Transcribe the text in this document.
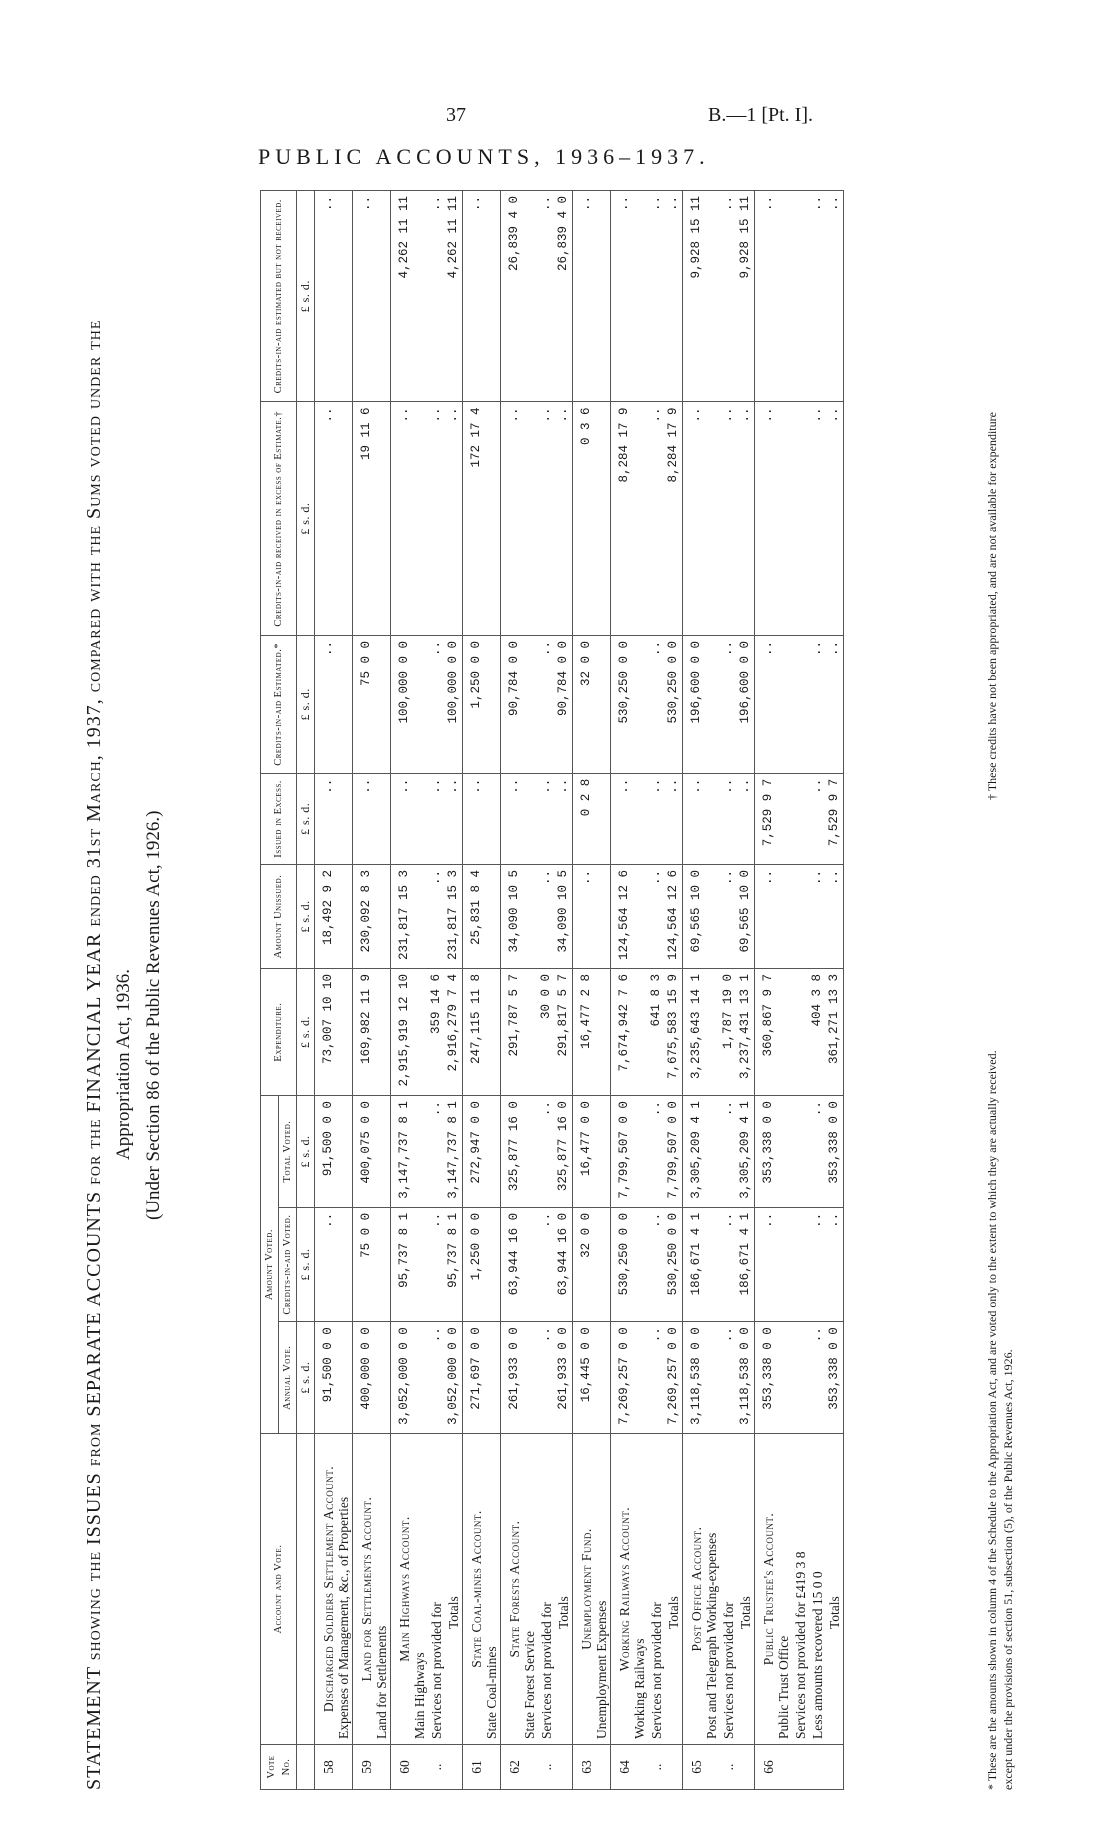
37	B.—1 [Pt. I].
PUBLIC ACCOUNTS, 1936–1937.
STATEMENT showing the ISSUES from SEPARATE ACCOUNTS for the FINANCIAL YEAR ended 31st March, 1937, compared with the Sums voted under the Appropriation Act, 1936. (Under Section 86 of the Public Revenues Act, 1926.)
Vote No.	Account and Vote.	Amount Voted.			Expenditure.	Amount Unissued.	Issued in Excess.	Credits-in-aid Estimated.*	Credits-in-aid received in excess of Estimate.†	Credits-in-aid estimated but not received.
		Annual Vote.	Credits-in-aid Voted.	Total Voted.						
		£ s. d.	£ s. d.	£ s. d.	£ s. d.	£ s. d.	£ s. d.	£ s. d.	£ s. d.	£ s. d.
58	Discharged Soldiers Settlement Account. Expenses of Management, &c., of Properties	91,500 0 0	..	91,500 0 0	73,007 10 10	18,492 9 2	..	..	..	..
59	Land for Settlements Account.
Land for Settlements	400,000 0 0	75 0 0	400,075 0 0	169,982 11 9	230,092 8 3	..	75 0 0	19 11 6	..
60	Main Highways Account.
Main Highways	3,052,000 0 0	95,737 8 1	3,147,737 8 1	2,915,919 12 10	231,817 15 3	..	100,000 0 0	..	4,262 11 11
..	Services not provided for	..	..	..	359 14 6	..	..	..	..	..
	Totals	3,052,000 0 0	95,737 8 1	3,147,737 8 1	2,916,279 7 4	231,817 15 3	..	100,000 0 0	..	4,262 11 11
61	State Coal-mines Account.
State Coal-mines	271,697 0 0	1,250 0 0	272,947 0 0	247,115 11 8	25,831 8 4	..	1,250 0 0	172 17 4	..
62	State Forests Account.
State Forest Service	261,933 0 0	63,944 16 0	325,877 16 0	291,787 5 7	34,090 10 5	..	90,784 0 0	..	26,839 4 0
..	Services not provided for	..	..	..	30 0 0	..	..	..	..	..
	Totals	261,933 0 0	63,944 16 0	325,877 16 0	291,817 5 7	34,090 10 5	..	90,784 0 0	..	26,839 4 0
63	Unemployment Fund.
Unemployment Expenses	16,445 0 0	32 0 0	16,477 0 0	16,477 2 8	..	0 2 8	32 0 0	0 3 6	..
64	Working Railways Account.
Working Railways	7,269,257 0 0	530,250 0 0	7,799,507 0 0	7,674,942 7 6	124,564 12 6	..	530,250 0 0	8,284 17 9	..
..	Services not provided for	..	..	..	641 8 3	..	..	..	..	..
	Totals	7,269,257 0 0	530,250 0 0	7,799,507 0 0	7,675,583 15 9	124,564 12 6	..	530,250 0 0	8,284 17 9	..
65	Post Office Account. Post and Telegraph Working-expenses	3,118,538 0 0	186,671 4 1	3,305,209 4 1	3,235,643 14 1	69,565 10 0	..	196,600 0 0	..	9,928 15 11
..	Services not provided for	..	..	..	1,787 19 0	..	..	..	..	..
	Totals	3,118,538 0 0	186,671 4 1	3,305,209 4 1	3,237,431 13 1	69,565 10 0	..	196,600 0 0	..	9,928 15 11
66	Public Trustee's Account.
Public Trust Office	353,338 0 0	..	353,338 0 0	360,867 9 7	..	7,529 9 7	..	..	..
	Services not provided for £419 3 8									
	Less amounts recovered 15 0 0	..	..	..	404 3 8	..	..	..	..	..
	Totals	353,338 0 0	..	353,338 0 0	361,271 13 3	..	7,529 9 7	..	..	..
* These are the amounts shown in column 4 of the Schedule to the Appropriation Act, and are voted only to the extent to which they are actually received. except under the provisions of section 51, subsection (5), of the Public Revenues Act, 1926.
† These credits have not been appropriated, and are not available for expenditure
